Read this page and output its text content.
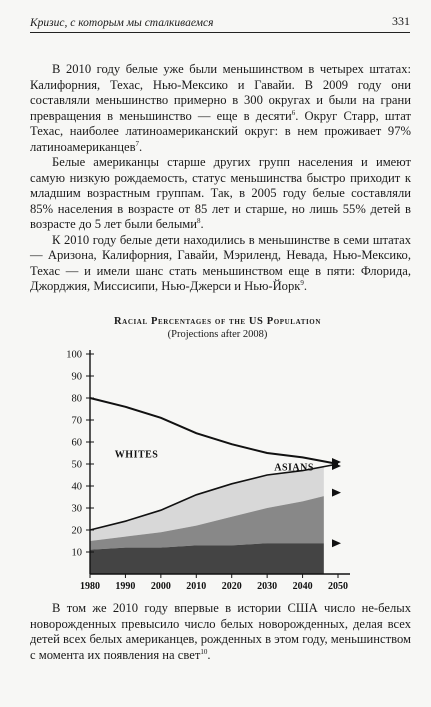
Кризис, с которым мы сталкиваемся	331

В 2010 году белые уже были меньшинством в четырех штатах: Калифорния, Техас, Нью-Мексико и Гавайи. В 2009 году они составляли меньшинство примерно в 300 округах и были на грани превращения в меньшинство — еще в десяти$^6$. Округ Старр, штат Техас, наиболее латиноамериканский округ: в нем проживает 97% латиноамериканцев$^7$.

Белые американцы старше других групп населения и имеют самую низкую рождаемость, статус меньшинства быстро приходит к младшим возрастным группам. Так, в 2005 году белые составляли 85% населения в возрасте от 85 лет и старше, но лишь 55% детей в возрасте до 5 лет были белыми$^8$.

К 2010 году белые дети находились в меньшинстве в семи штатах — Аризона, Калифорния, Гавайи, Мэриленд, Невада, Нью-Мексико, Техас — и имели шанс стать меньшинством еще в пяти: Флорида, Джорджия, Миссисипи, Нью-Джерси и Нью-Йорк$^9$.

Racial Percentages of the US Population
(Projections after 2008)
10
20
30
40
50
60
70
80
90
100
1980 1990 2000 2010 2020 2030 2040 2050
WHITES
ASIANS

В том же 2010 году впервые в истории США число не-белых новорожденных превысило число белых новорожденных, делая всех детей всех белых американцев, рожденных в этом году, меньшинством с момента их появления на свет$^{10}$.
